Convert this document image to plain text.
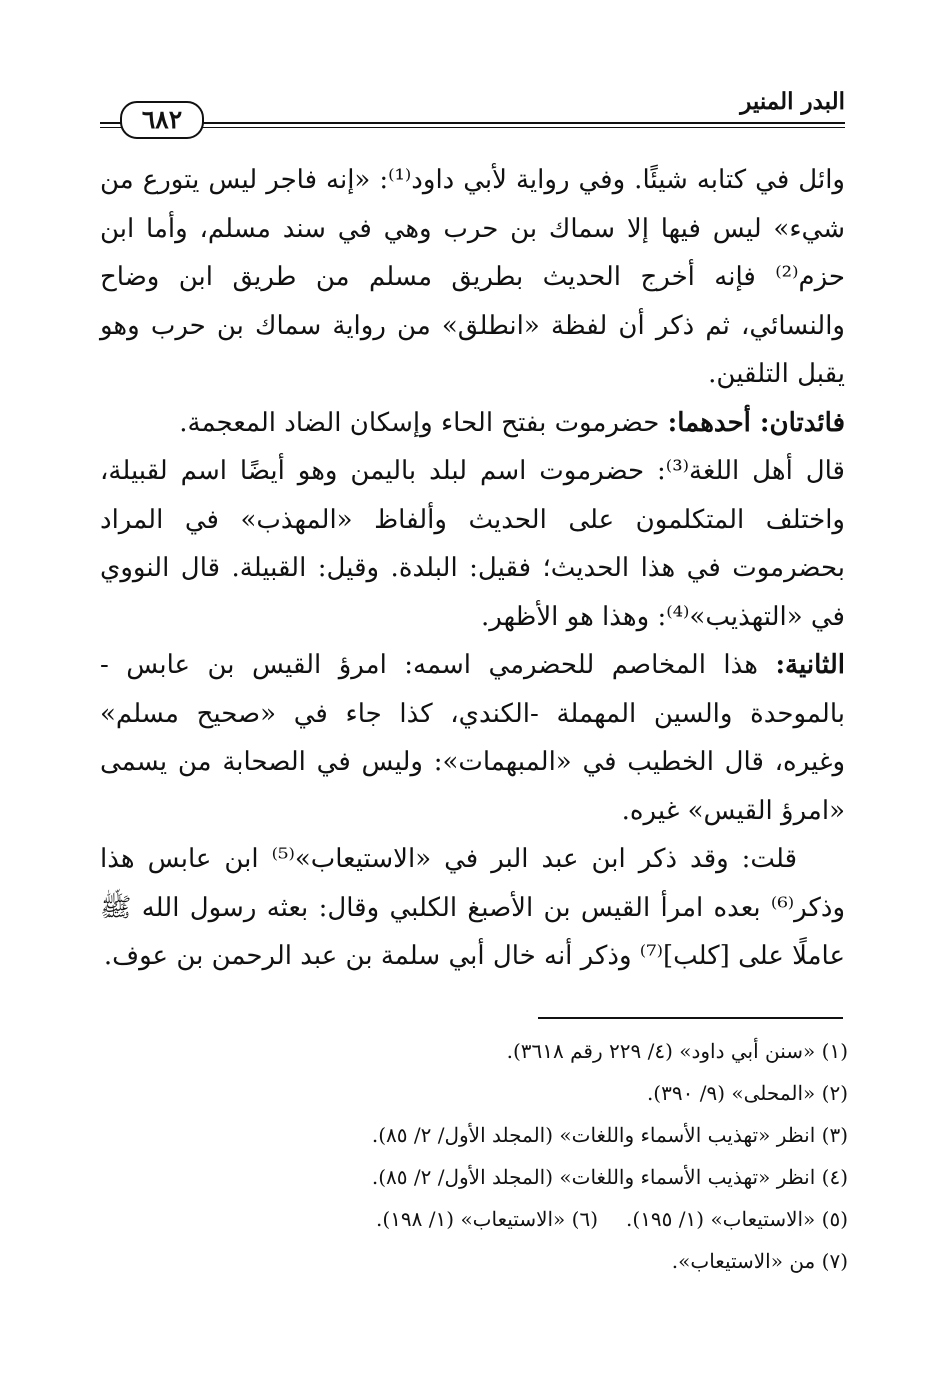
٦٨٢
البدر المنير

وائل في كتابه شيئًا. وفي رواية لأبي داود⁽¹⁾: «إنه فاجر ليس يتورع من شيء» ليس فيها إلا سماك بن حرب وهي في سند مسلم، وأما ابن حزم⁽²⁾ فإنه أخرج الحديث بطريق مسلم من طريق ابن وضاح والنسائي، ثم ذكر أن لفظة «انطلق» من رواية سماك بن حرب وهو يقبل التلقين.

فائدتان: أحدهما: حضرموت بفتح الحاء وإسكان الضاد المعجمة.

قال أهل اللغة⁽³⁾: حضرموت اسم لبلد باليمن وهو أيضًا اسم لقبيلة، واختلف المتكلمون على الحديث وألفاظ «المهذب» في المراد بحضرموت في هذا الحديث؛ فقيل: البلدة. وقيل: القبيلة. قال النووي في «التهذيب»⁽⁴⁾: وهذا هو الأظهر.

الثانية: هذا المخاصم للحضرمي اسمه: امرؤ القيس بن عابس - بالموحدة والسين المهملة -الكندي، كذا جاء في «صحيح مسلم» وغيره، قال الخطيب في «المبهمات»: وليس في الصحابة من يسمى «امرؤ القيس» غيره.

قلت: وقد ذكر ابن عبد البر في «الاستيعاب»⁽⁵⁾ ابن عابس هذا وذكر⁽⁶⁾ بعده امرأ القيس بن الأصبغ الكلبي وقال: بعثه رسول الله ﷺ عاملًا على [كلب]⁽⁷⁾ وذكر أنه خال أبي سلمة بن عبد الرحمن بن عوف.

(١) «سنن أبي داود» (٤/ ٢٢٩ رقم ٣٦١٨).
(٢) «المحلى» (٩/ ٣٩٠).
(٣) انظر «تهذيب الأسماء واللغات» (المجلد الأول/ ٢/ ٨٥).
(٤) انظر «تهذيب الأسماء واللغات» (المجلد الأول/ ٢/ ٨٥).
(٥) «الاستيعاب» (١/ ١٩٥).
(٦) «الاستيعاب» (١/ ١٩٨).
(٧) من «الاستيعاب».
